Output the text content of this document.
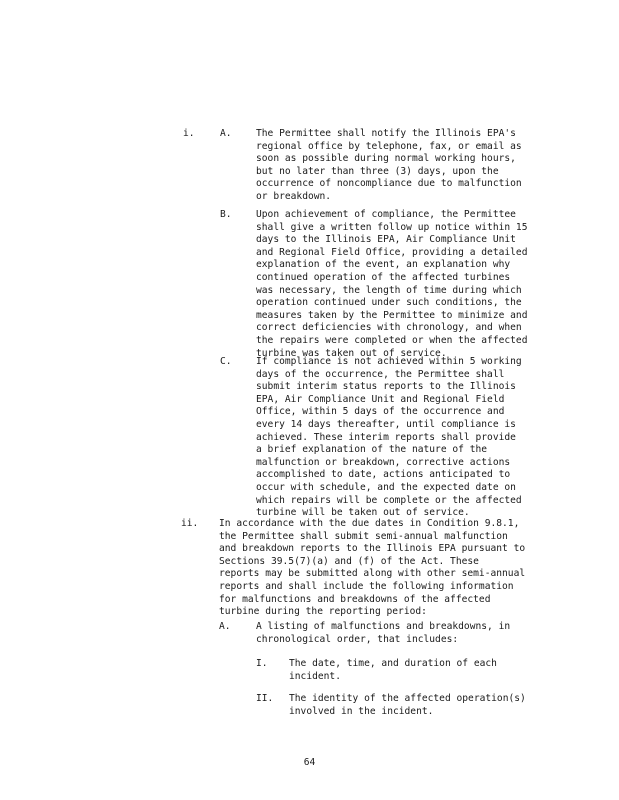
i.	A.	The Permittee shall notify the Illinois EPA's
regional office by telephone, fax, or email as
soon as possible during normal working hours,
but no later than three (3) days, upon the
occurrence of noncompliance due to malfunction
or breakdown.
B.	Upon achievement of compliance, the Permittee
shall give a written follow up notice within 15
days to the Illinois EPA, Air Compliance Unit
and Regional Field Office, providing a detailed
explanation of the event, an explanation why
continued operation of the affected turbines
was necessary, the length of time during which
operation continued under such conditions, the
measures taken by the Permittee to minimize and
correct deficiencies with chronology, and when
the repairs were completed or when the affected
turbine was taken out of service.
C.	If compliance is not achieved within 5 working
days of the occurrence, the Permittee shall
submit interim status reports to the Illinois
EPA, Air Compliance Unit and Regional Field
Office, within 5 days of the occurrence and
every 14 days thereafter, until compliance is
achieved. These interim reports shall provide
a brief explanation of the nature of the
malfunction or breakdown, corrective actions
accomplished to date, actions anticipated to
occur with schedule, and the expected date on
which repairs will be complete or the affected
turbine will be taken out of service.
ii. In accordance with the due dates in Condition 9.8.1,
the Permittee shall submit semi-annual malfunction
and breakdown reports to the Illinois EPA pursuant to
Sections 39.5(7)(a) and (f) of the Act. These
reports may be submitted along with other semi-annual
reports and shall include the following information
for malfunctions and breakdowns of the affected
turbine during the reporting period:
A.	A listing of malfunctions and breakdowns, in
chronological order, that includes:
I. The date, time, and duration of each
incident.
II. The identity of the affected operation(s)
involved in the incident.
64
